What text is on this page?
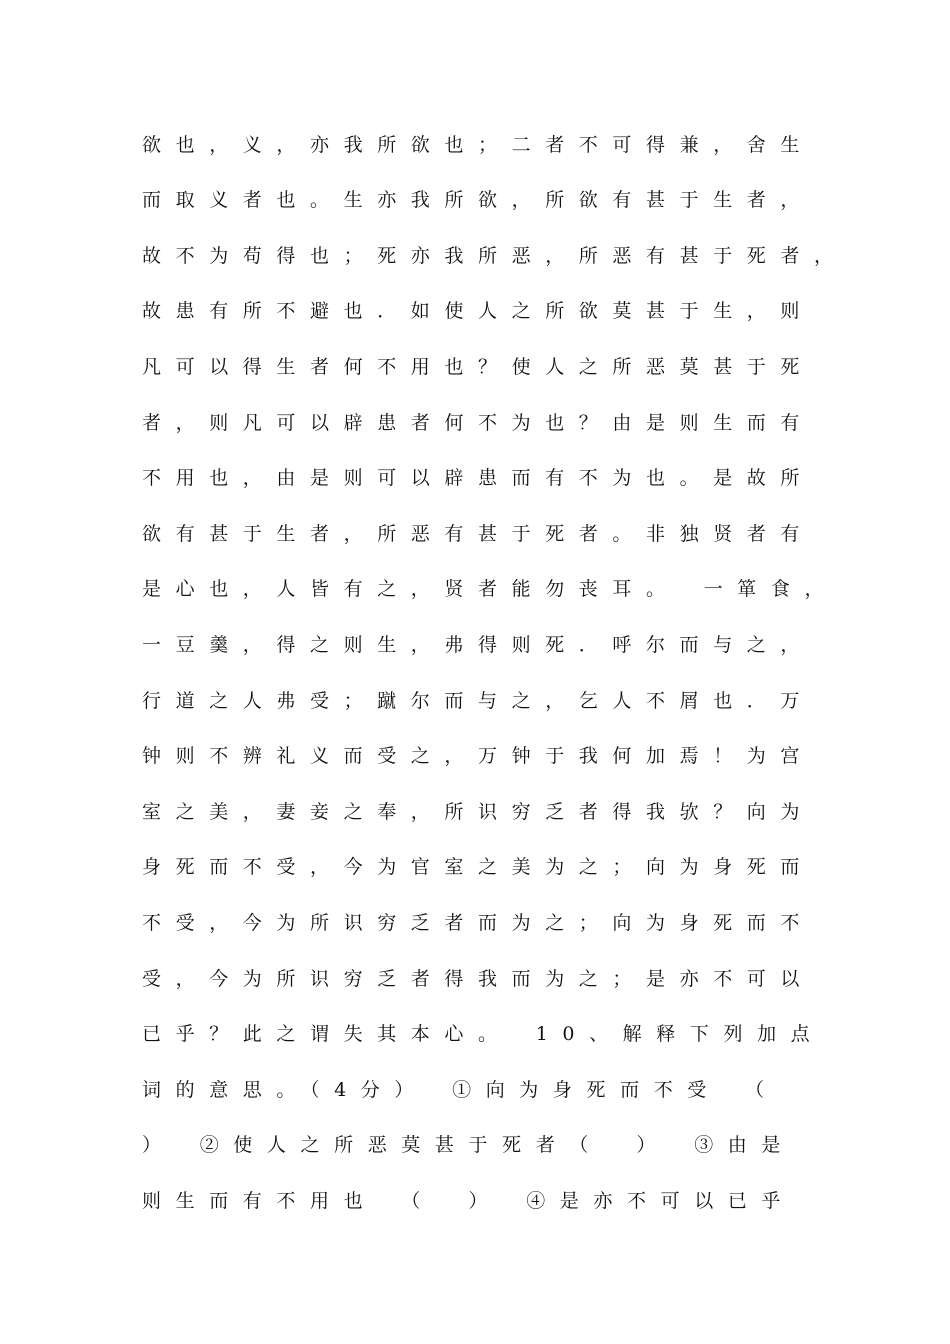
欲也，义，亦我所欲也；二者不可得兼，舍生
而取义者也。生亦我所欲，所欲有甚于生者，
故不为苟得也；死亦我所恶，所恶有甚于死者，
故患有所不避也．如使人之所欲莫甚于生，则
凡可以得生者何不用也？使人之所恶莫甚于死
者，则凡可以辟患者何不为也？由是则生而有
不用也，由是则可以辟患而有不为也。是故所
欲有甚于生者，所恶有甚于死者。非独贤者有
是心也，人皆有之，贤者能勿丧耳。　一箪食，
一豆羹，得之则生，弗得则死．呼尔而与之，
行道之人弗受；蹴尔而与之，乞人不屑也．万
钟则不辨礼义而受之，万钟于我何加焉！为宫
室之美，妻妾之奉，所识穷乏者得我欤？向为
身死而不受，今为官室之美为之；向为身死而
不受，今为所识穷乏者而为之；向为身死而不
受，今为所识穷乏者得我而为之；是亦不可以
已乎？此之谓失其本心。　10、解释下列加点
词的意思。（4分）　①向为身死而不受　（
）　②使人之所恶莫甚于死者（　）　③由是
则生而有不用也　（　）　④是亦不可以已乎
